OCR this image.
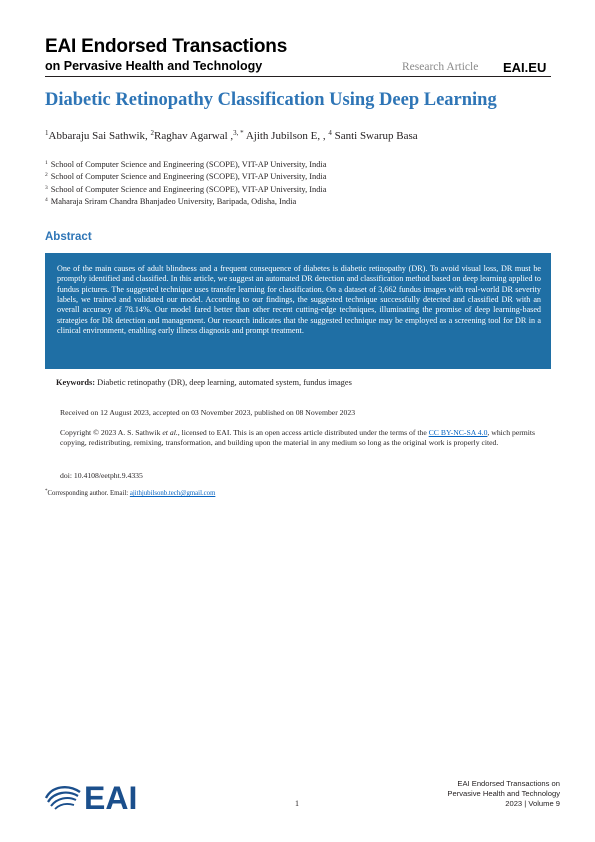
EAI Endorsed Transactions
on Pervasive Health and Technology	Research Article EAI.EU
Diabetic Retinopathy Classification Using Deep Learning
$^1$Abbaraju Sai Sathwik, $^2$Raghav Agarwal ,$^{3, *}$ Ajith Jubilson E, , $^4$ Santi Swarup Basa
$^1$ School of Computer Science and Engineering (SCOPE), VIT-AP University, India
$^2$ School of Computer Science and Engineering (SCOPE), VIT-AP University, India
$^3$ School of Computer Science and Engineering (SCOPE), VIT-AP University, India
$^4$ Maharaja Sriram Chandra Bhanjadeo University, Baripada, Odisha, India
Abstract
One of the main causes of adult blindness and a frequent consequence of diabetes is diabetic retinopathy (DR). To avoid visual loss, DR must be promptly identified and classified. In this article, we suggest an automated DR detection and classification method based on deep learning applied to fundus pictures. The suggested technique uses transfer learning for classification. On a dataset of 3,662 fundus images with real-world DR severity labels, we trained and validated our model. According to our findings, the suggested technique successfully detected and classified DR with an overall accuracy of 78.14%. Our model fared better than other recent cutting-edge techniques, illuminating the promise of deep learning-based strategies for DR detection and management. Our research indicates that the suggested technique may be employed as a screening tool for DR in a clinical environment, enabling early illness diagnosis and prompt treatment.
Keywords: Diabetic retinopathy (DR), deep learning, automated system, fundus images
Received on 12 August 2023, accepted on 03 November 2023, published on 08 November 2023
Copyright © 2023 A. S. Sathwik et al., licensed to EAI. This is an open access article distributed under the terms of the CC BY-NC-SA 4.0, which permits copying, redistributing, remixing, transformation, and building upon the material in any medium so long as the original work is properly cited.
doi: 10.4108/eetpht.9.4335
*Corresponding author. Email: ajithjubilsonb.tech@gmail.com
EAI	1
EAI Endorsed Transactions on
Pervasive Health and Technology
2023 | Volume 9
